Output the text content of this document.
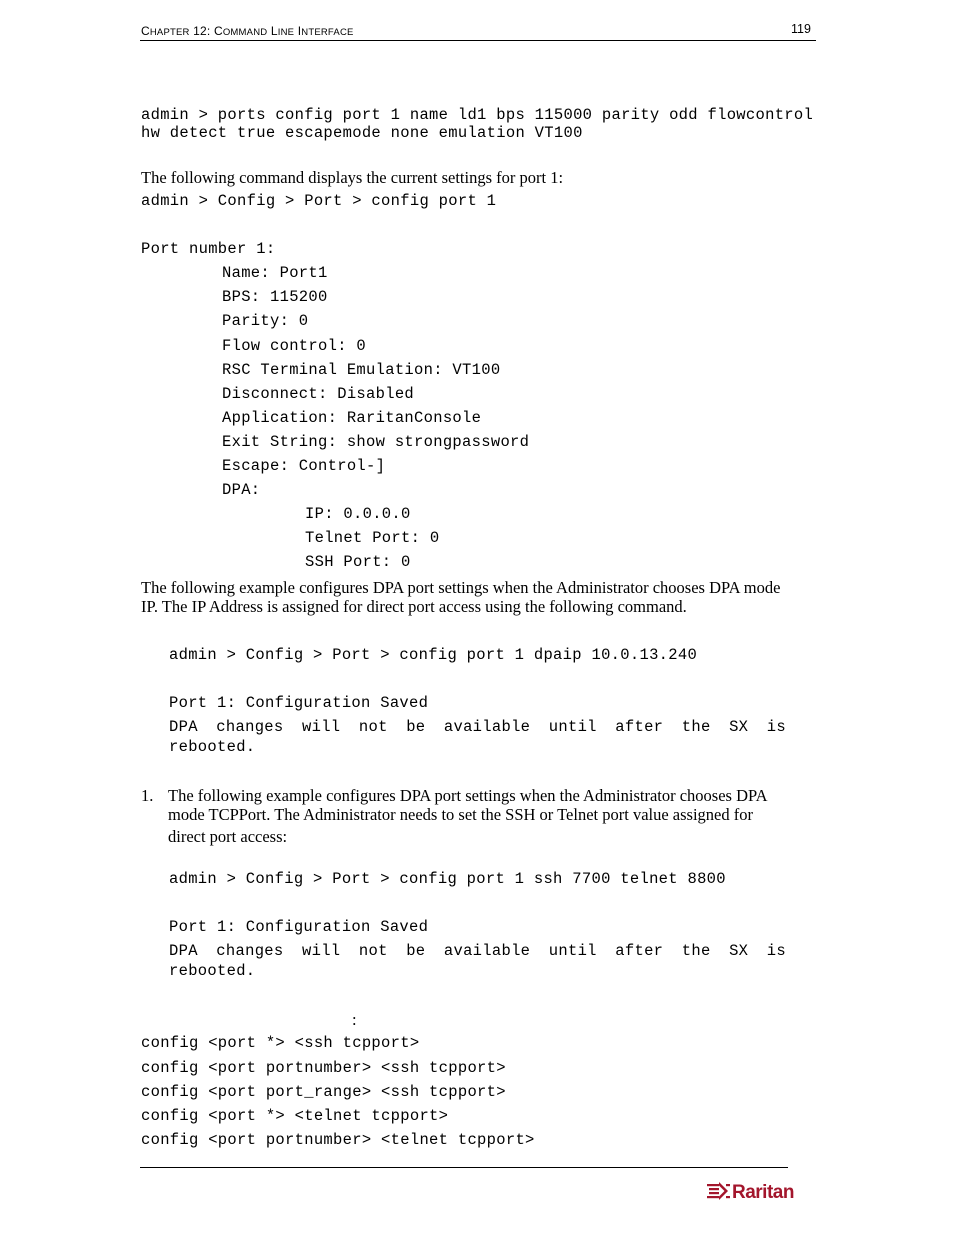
CHAPTER 12: COMMAND LINE INTERFACE	119
admin > ports config port 1 name ld1 bps 115000 parity odd flowcontrol
hw detect true escapemode none emulation VT100
The following command displays the current settings for port 1:
admin > Config > Port > config port 1
Port number 1:
Name: Port1
BPS: 115200
Parity: 0
Flow control: 0
RSC Terminal Emulation: VT100
Disconnect: Disabled
Application: RaritanConsole
Exit String: show strongpassword
Escape: Control-]
DPA:
IP: 0.0.0.0
Telnet Port: 0
SSH Port: 0
The following example configures DPA port settings when the Administrator chooses DPA mode
IP. The IP Address is assigned for direct port access using the following command.
admin > Config > Port > config port 1 dpaip 10.0.13.240
Port 1: Configuration Saved
DPA changes will not be available until after the SX is
rebooted.
1. The following example configures DPA port settings when the Administrator chooses DPA
mode TCPPort. The Administrator needs to set the SSH or Telnet port value assigned for
direct port access:
admin > Config > Port > config port 1 ssh 7700 telnet 8800
Port 1: Configuration Saved
DPA changes will not be available until after the SX is
rebooted.
:
config <port *> <ssh tcpport>
config <port portnumber> <ssh tcpport>
config <port port_range> <ssh tcpport>
config <port *> <telnet tcpport>
config <port portnumber> <telnet tcpport>
Raritan
